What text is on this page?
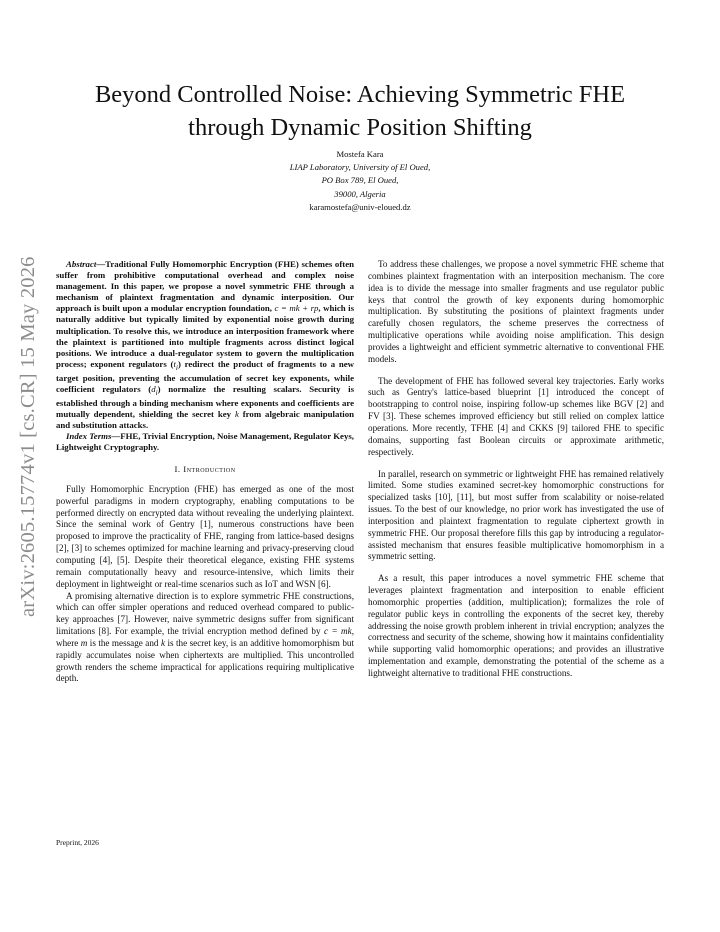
Beyond Controlled Noise: Achieving Symmetric FHE through Dynamic Position Shifting
Mostefa Kara
LIAP Laboratory, University of El Oued,
PO Box 789, El Oued,
39000, Algeria
karamostefa@univ-eloued.dz
arXiv:2605.15774v1 [cs.CR] 15 May 2026	Abstract—Traditional Fully Homomorphic Encryption (FHE) schemes often suffer from prohibitive computational overhead and complex noise management. In this paper, we propose a novel symmetric FHE through a mechanism of plaintext fragmentation and dynamic interposition. Our approach is built upon a modular encryption foundation, c = mk + rp, which is naturally additive but typically limited by exponential noise growth during multiplication. To resolve this, we introduce an interposition framework where the plaintext is partitioned into multiple fragments across distinct logical positions. We introduce a dual-regulator system to govern the multiplication process; exponent regulators $(t_i)$ redirect the product of fragments to a new target position, preventing the accumulation of secret key exponents, while coefficient regulators $(d_i)$ normalize the resulting scalars. Security is established through a binding mechanism where exponents and coefficients are mutually dependent, shielding the secret key k from algebraic manipulation and substitution attacks.

Index Terms—FHE, Trivial Encryption, Noise Management, Regulator Keys, Lightweight Cryptography.

I. Introduction

Fully Homomorphic Encryption (FHE) has emerged as one of the most powerful paradigms in modern cryptography, enabling computations to be performed directly on encrypted data without revealing the underlying plaintext. Since the seminal work of Gentry [1], numerous constructions have been proposed to improve the practicality of FHE, ranging from lattice-based designs [2], [3] to schemes optimized for machine learning and privacy-preserving cloud computing [4], [5]. Despite their theoretical elegance, existing FHE systems remain computationally heavy and resource-intensive, which limits their deployment in lightweight or real-time scenarios such as IoT and WSN [6].

A promising alternative direction is to explore symmetric FHE constructions, which can offer simpler operations and reduced overhead compared to public-key approaches [7]. However, naive symmetric designs suffer from significant limitations [8]. For example, the trivial encryption method defined by c = mk, where m is the message and k is the secret key, is an additive homomorphism but rapidly accumulates noise when ciphertexts are multiplied. This uncontrolled growth renders the scheme impractical for applications requiring multiplicative depth.

To address these challenges, we propose a novel symmetric FHE scheme that combines plaintext fragmentation with an interposition mechanism. The core idea is to divide the message into smaller fragments and use regulator public keys that control the growth of key exponents during homomorphic multiplication. By substituting the positions of plaintext fragments under carefully chosen regulators, the scheme preserves the correctness of multiplicative operations while avoiding noise amplification. This design provides a lightweight and efficient symmetric alternative to conventional FHE models.

The development of FHE has followed several key trajectories. Early works such as Gentry's lattice-based blueprint [1] introduced the concept of bootstrapping to control noise, inspiring follow-up schemes like BGV [2] and FV [3]. These schemes improved efficiency but still relied on complex lattice operations. More recently, TFHE [4] and CKKS [9] tailored FHE to specific domains, supporting fast Boolean circuits or approximate arithmetic, respectively.

In parallel, research on symmetric or lightweight FHE has remained relatively limited. Some studies examined secret-key homomorphic constructions for specialized tasks [10], [11], but most suffer from scalability or noise-related issues. To the best of our knowledge, no prior work has investigated the use of interposition and plaintext fragmentation to regulate ciphertext growth in symmetric FHE. Our proposal therefore fills this gap by introducing a regulator-assisted mechanism that ensures feasible multiplicative homomorphism in a symmetric setting.

As a result, this paper introduces a novel symmetric FHE scheme that leverages plaintext fragmentation and interposition to enable efficient homomorphic properties (addition, multiplication); formalizes the role of regulator public keys in controlling the exponents of the secret key, thereby addressing the noise growth problem inherent in trivial encryption; analyzes the correctness and security of the scheme, showing how it maintains confidentiality while supporting valid homomorphic operations; and provides an illustrative implementation and example, demonstrating the potential of the scheme as a lightweight alternative to traditional FHE constructions.

Preprint, 2026
